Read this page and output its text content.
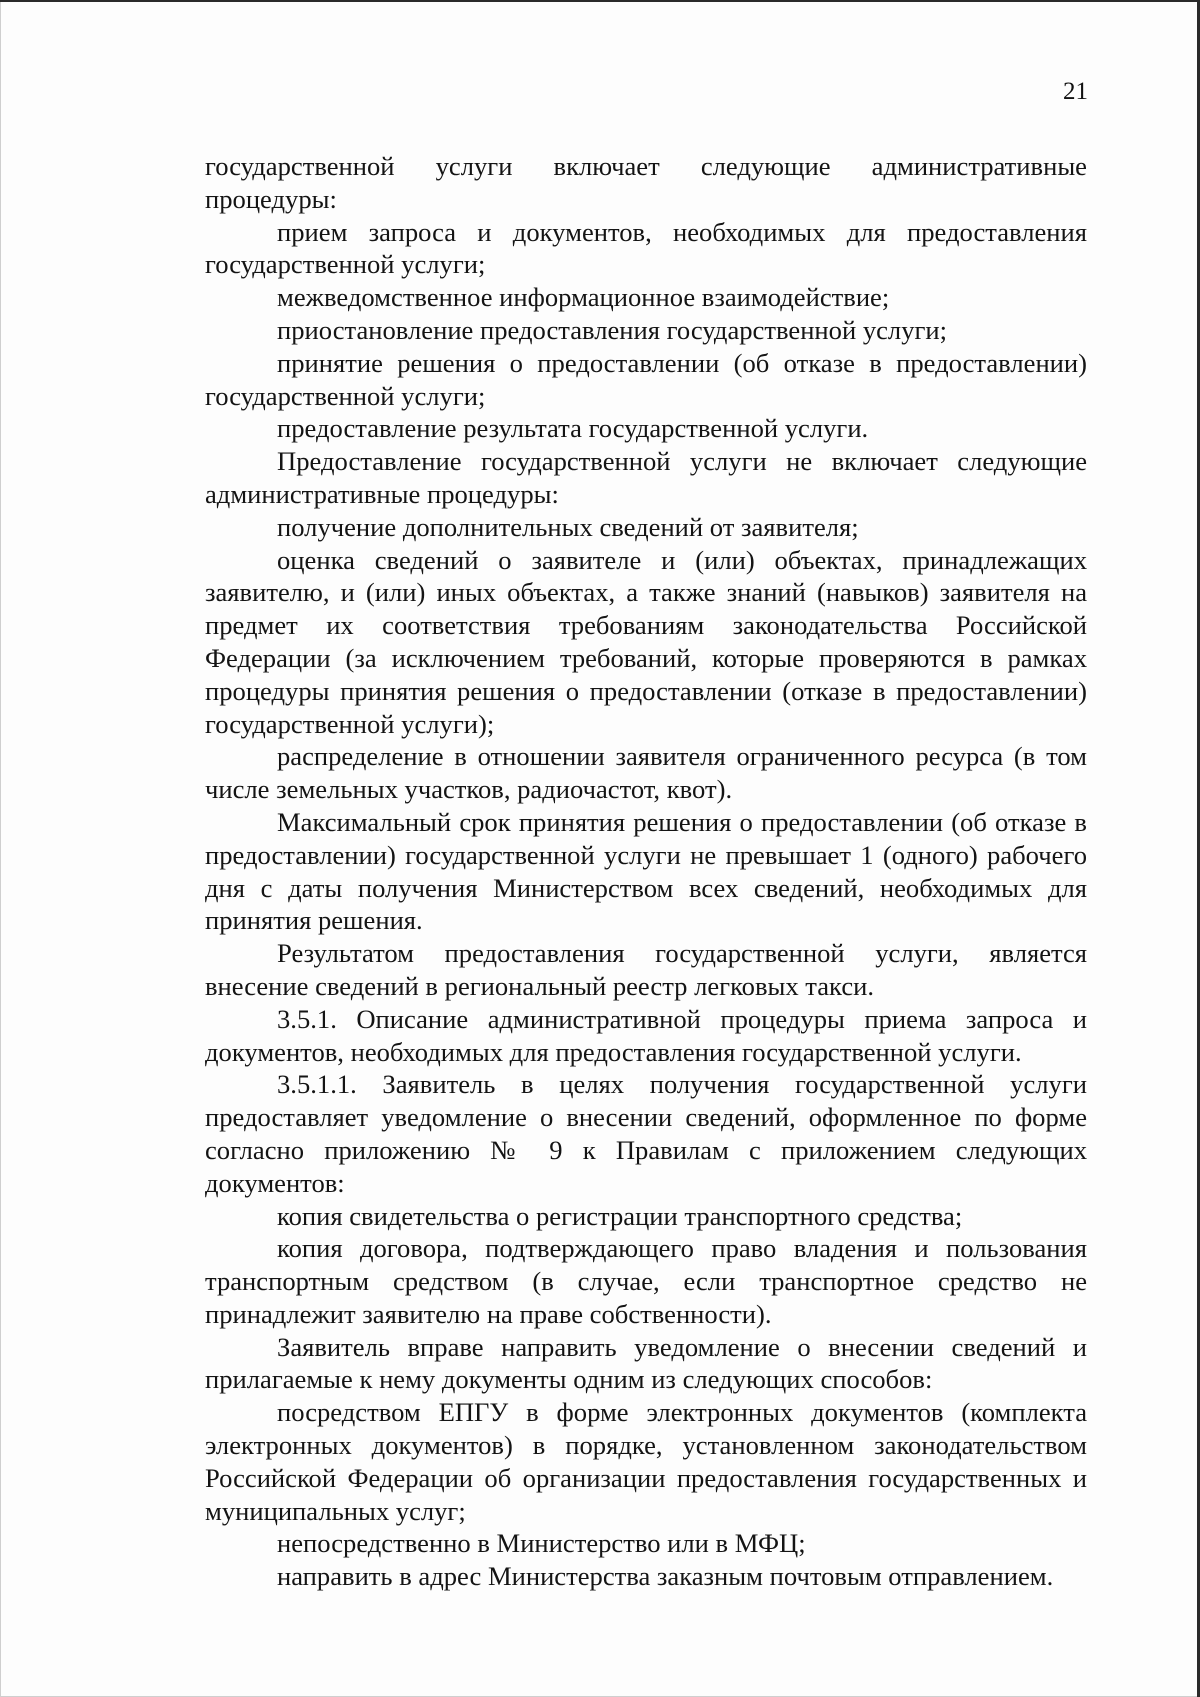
21

государственной услуги включает следующие административные процедуры:

прием запроса и документов, необходимых для предоставления государственной услуги;

межведомственное информационное взаимодействие;

приостановление предоставления государственной услуги;

принятие решения о предоставлении (об отказе в предоставлении) государственной услуги;

предоставление результата государственной услуги.

Предоставление государственной услуги не включает следующие административные процедуры:

получение дополнительных сведений от заявителя;

оценка сведений о заявителе и (или) объектах, принадлежащих заявителю, и (или) иных объектах, а также знаний (навыков) заявителя на предмет их соответствия требованиям законодательства Российской Федерации (за исключением требований, которые проверяются в рамках процедуры принятия решения о предоставлении (отказе в предоставлении) государственной услуги);

распределение в отношении заявителя ограниченного ресурса (в том числе земельных участков, радиочастот, квот).

Максимальный срок принятия решения о предоставлении (об отказе в предоставлении) государственной услуги не превышает 1 (одного) рабочего дня с даты получения Министерством всех сведений, необходимых для принятия решения.

Результатом предоставления государственной услуги, является внесение сведений в региональный реестр легковых такси.

3.5.1. Описание административной процедуры приема запроса и документов, необходимых для предоставления государственной услуги.

3.5.1.1. Заявитель в целях получения государственной услуги предоставляет уведомление о внесении сведений, оформленное по форме согласно приложению № 9 к Правилам с приложением следующих документов:

копия свидетельства о регистрации транспортного средства;

копия договора, подтверждающего право владения и пользования транспортным средством (в случае, если транспортное средство не принадлежит заявителю на праве собственности).

Заявитель вправе направить уведомление о внесении сведений и прилагаемые к нему документы одним из следующих способов:

посредством ЕПГУ в форме электронных документов (комплекта электронных документов) в порядке, установленном законодательством Российской Федерации об организации предоставления государственных и муниципальных услуг;

непосредственно в Министерство или в МФЦ;

направить в адрес Министерства заказным почтовым отправлением.
